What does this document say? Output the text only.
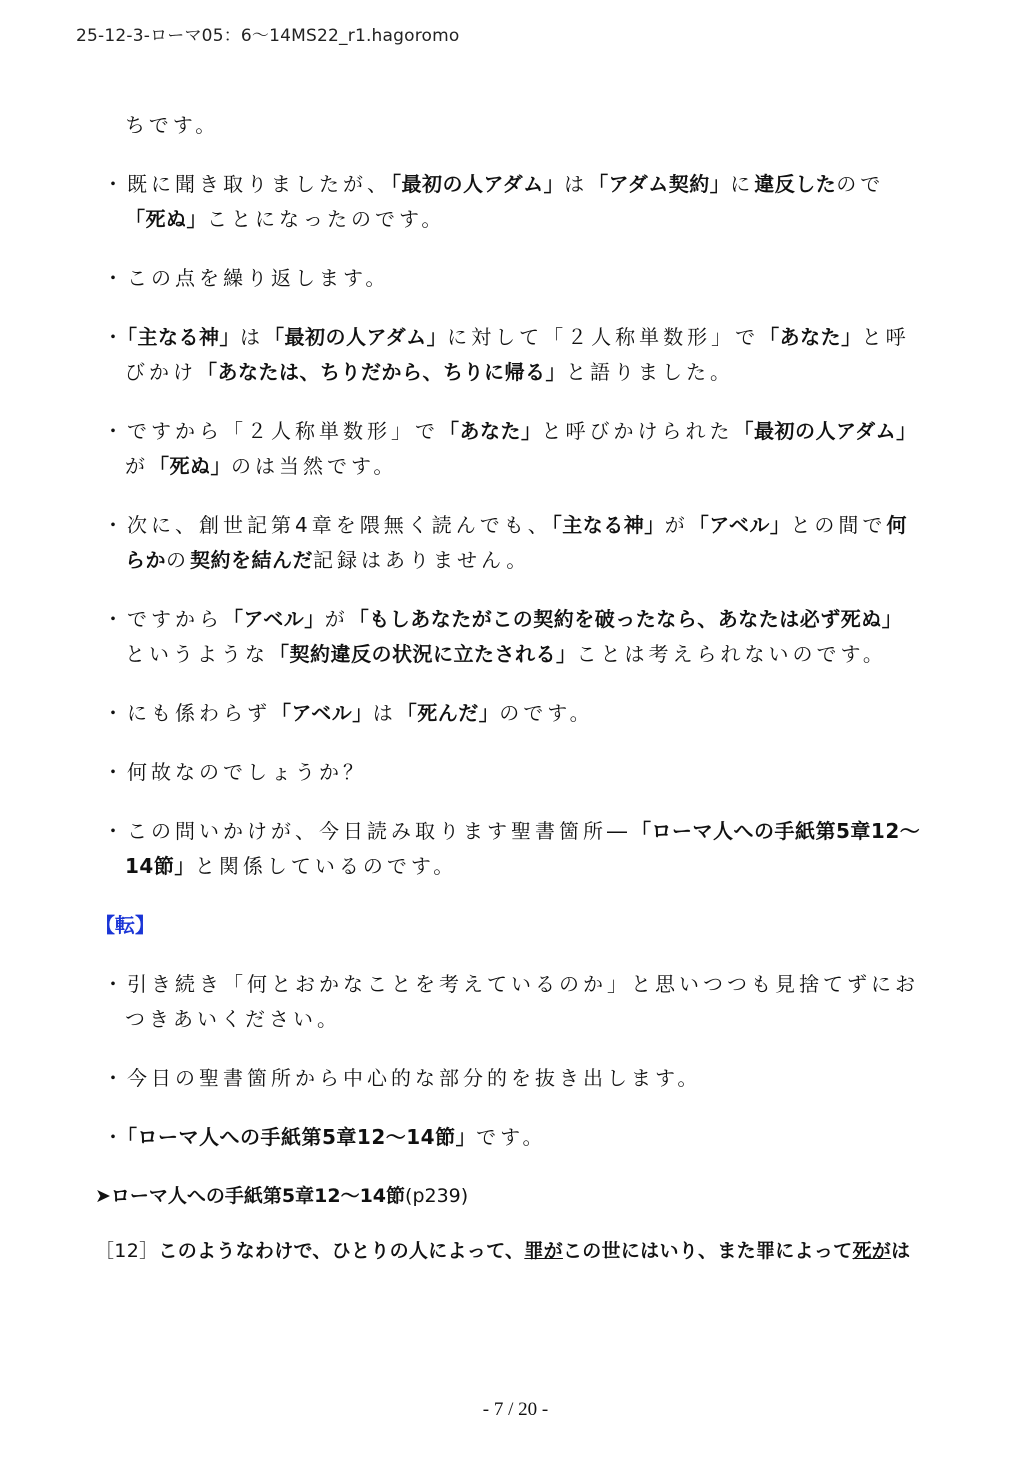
25-12-3-ローマ05：6～14MS22_r1.hagoromo
ちです。
・既に聞き取りましたが、「最初の人アダム」は「アダム契約」に違反したので「死ぬ」ことになったのです。
・この点を繰り返します。
・「主なる神」は「最初の人アダム」に対して「２人称単数形」で「あなた」と呼びかけ「あなたは、ちりだから、ちりに帰る」と語りました。
・ですから「２人称単数形」で「あなた」と呼びかけられた「最初の人アダム」が「死ぬ」のは当然です。
・次に、創世記第4章を隈無く読んでも、「主なる神」が「アベル」との間で何らかの契約を結んだ記録はありません。
・ですから「アベル」が「もしあなたがこの契約を破ったなら、あなたは必ず死ぬ」というような「契約違反の状況に立たされる」ことは考えられないのです。
・にも係わらず「アベル」は「死んだ」のです。
・何故なのでしょうか？
・この問いかけが、今日読み取ります聖書箇所―「ローマ人への手紙第5章12～14節」と関係しているのです。
【転】
・引き続き「何とおかなことを考えているのか」と思いつつも見捨てずにおつきあいください。
・今日の聖書箇所から中心的な部分的を抜き出します。
・「ローマ人への手紙第5章12～14節」です。
➤ローマ人への手紙第5章12～14節(p239)
［12］このようなわけで、ひとりの人によって、罪がこの世にはいり、また罪によって死がは
- 7 / 20 -
